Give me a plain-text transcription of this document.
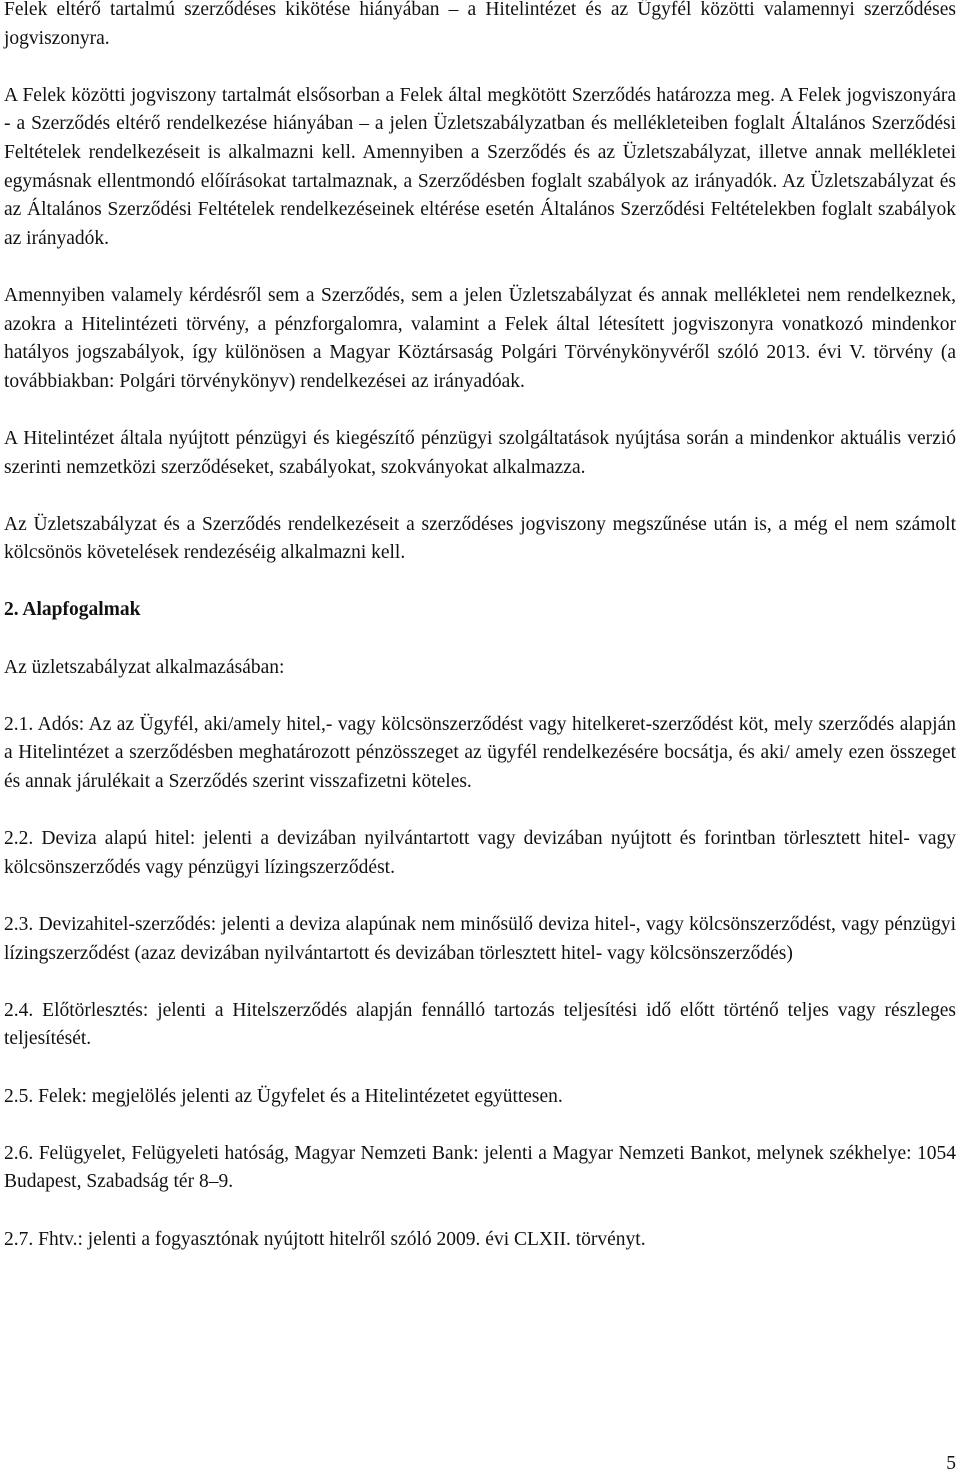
Felek eltérő tartalmú szerződéses kikötése hiányában – a Hitelintézet és az Ügyfél közötti valamennyi szerződéses jogviszonyra.

A Felek közötti jogviszony tartalmát elsősorban a Felek által megkötött Szerződés határozza meg. A Felek jogviszonyára - a Szerződés eltérő rendelkezése hiányában – a jelen Üzletszabályzatban és mellékleteiben foglalt Általános Szerződési Feltételek rendelkezéseit is alkalmazni kell. Amennyiben a Szerződés és az Üzletszabályzat, illetve annak mellékletei egymásnak ellentmondó előírásokat tartalmaznak, a Szerződésben foglalt szabályok az irányadók. Az Üzletszabályzat és az Általános Szerződési Feltételek rendelkezéseinek eltérése esetén Általános Szerződési Feltételekben foglalt szabályok az irányadók.

Amennyiben valamely kérdésről sem a Szerződés, sem a jelen Üzletszabályzat és annak mellékletei nem rendelkeznek, azokra a Hitelintézeti törvény, a pénzforgalomra, valamint a Felek által létesített jogviszonyra vonatkozó mindenkor hatályos jogszabályok, így különösen a Magyar Köztársaság Polgári Törvénykönyvéről szóló 2013. évi V. törvény (a továbbiakban: Polgári törvénykönyv) rendelkezései az irányadóak.

A Hitelintézet általa nyújtott pénzügyi és kiegészítő pénzügyi szolgáltatások nyújtása során a mindenkor aktuális verzió szerinti nemzetközi szerződéseket, szabályokat, szokványokat alkalmazza.

Az Üzletszabályzat és a Szerződés rendelkezéseit a szerződéses jogviszony megszűnése után is, a még el nem számolt kölcsönös követelések rendezéséig alkalmazni kell.

2. Alapfogalmak

Az üzletszabályzat alkalmazásában:

2.1. Adós: Az az Ügyfél, aki/amely hitel,- vagy kölcsönszerződést vagy hitelkeret-szerződést köt, mely szerződés alapján a Hitelintézet a szerződésben meghatározott pénzösszeget az ügyfél rendelkezésére bocsátja, és aki/ amely ezen összeget és annak járulékait a Szerződés szerint visszafizetni köteles.

2.2. Deviza alapú hitel: jelenti a devizában nyilvántartott vagy devizában nyújtott és forintban törlesztett hitel- vagy kölcsönszerződés vagy pénzügyi lízingszerződést.

2.3. Devizahitel-szerződés: jelenti a deviza alapúnak nem minősülő deviza hitel-, vagy kölcsönszerződést, vagy pénzügyi lízingszerződést (azaz devizában nyilvántartott és devizában törlesztett hitel- vagy kölcsönszerződés)

2.4. Előtörlesztés: jelenti a Hitelszerződés alapján fennálló tartozás teljesítési idő előtt történő teljes vagy részleges teljesítését.

2.5. Felek: megjelölés jelenti az Ügyfelet és a Hitelintézetet együttesen.

2.6. Felügyelet, Felügyeleti hatóság, Magyar Nemzeti Bank: jelenti a Magyar Nemzeti Bankot, melynek székhelye: 1054 Budapest, Szabadság tér 8–9.

2.7. Fhtv.: jelenti a fogyasztónak nyújtott hitelről szóló 2009. évi CLXII. törvényt.

5
